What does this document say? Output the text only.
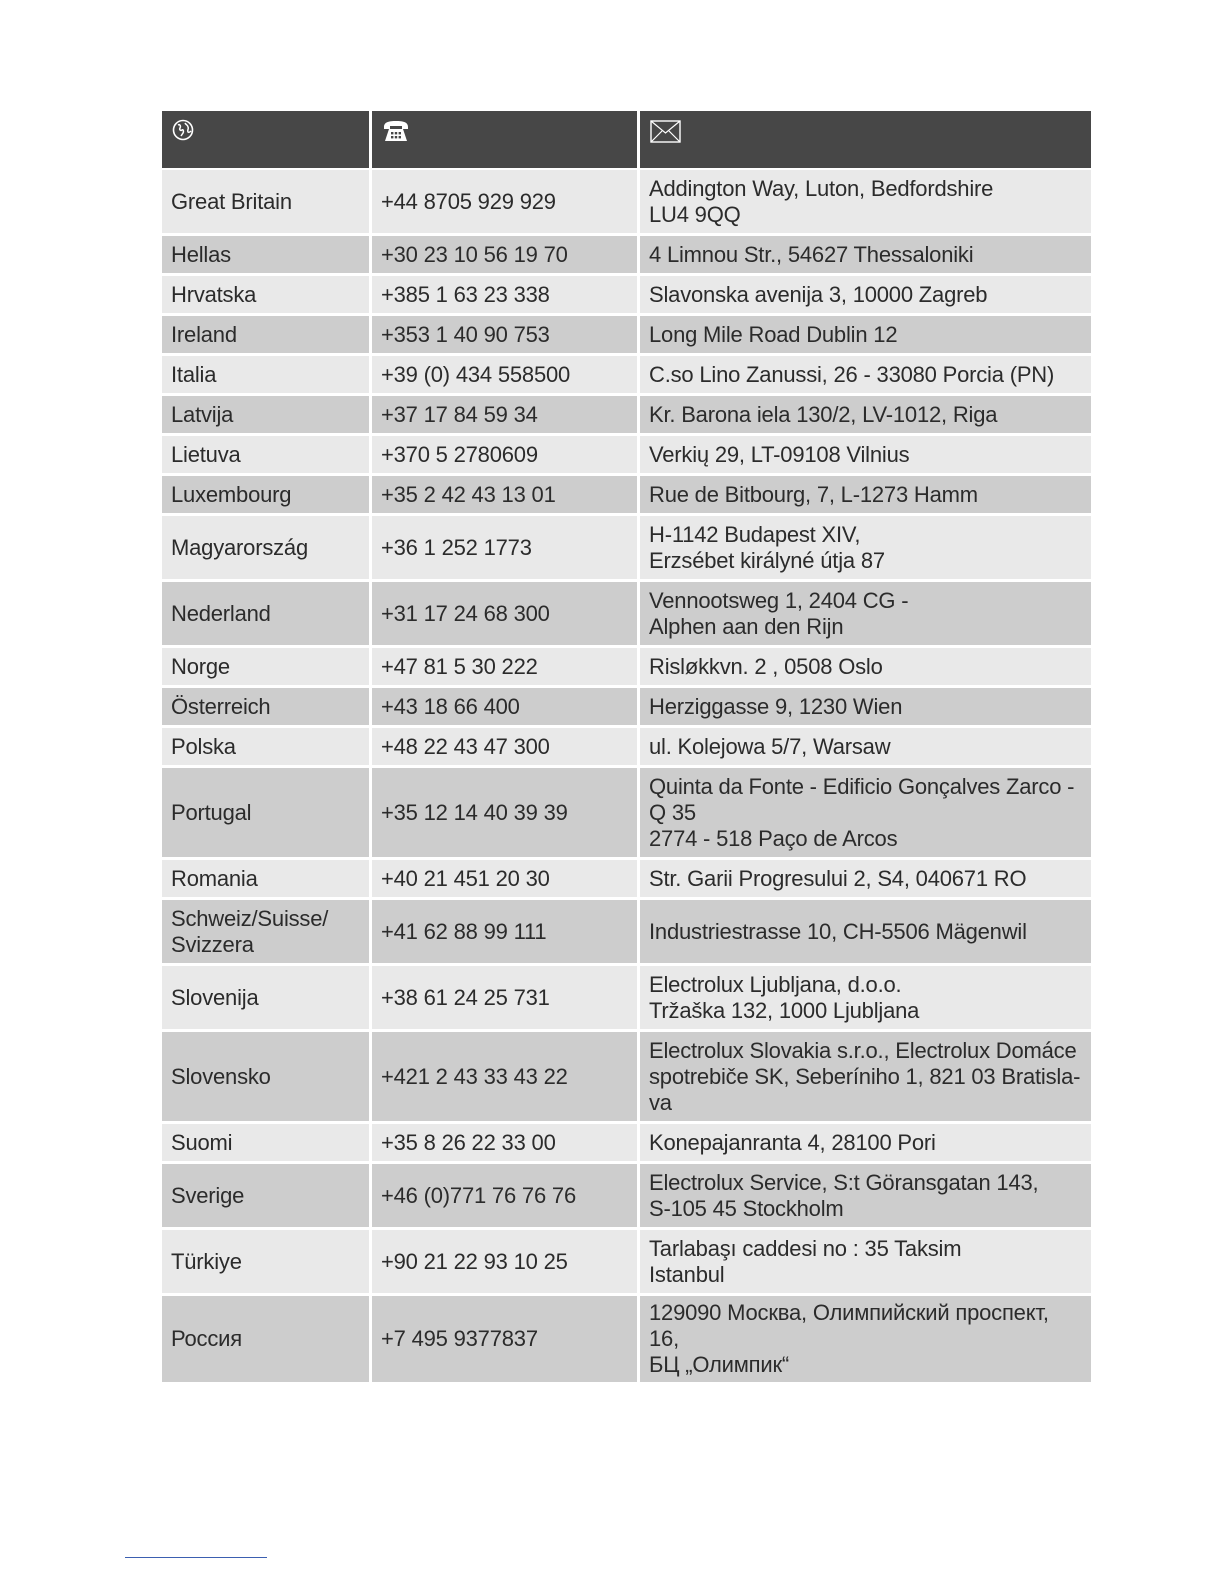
Great Britain	+44 8705 929 929	Addington Way, Luton, Bedfordshire
LU4 9QQ

Hellas	+30 23 10 56 19 70	4 Limnou Str., 54627 Thessaloniki

Hrvatska	+385 1 63 23 338	Slavonska avenija 3, 10000 Zagreb

Ireland	+353 1 40 90 753	Long Mile Road Dublin 12

Italia	+39 (0) 434 558500	C.so Lino Zanussi, 26 - 33080 Porcia (PN)

Latvija	+37 17 84 59 34	Kr. Barona iela 130/2, LV-1012, Riga

Lietuva	+370 5 2780609	Verkių 29, LT-09108 Vilnius

Luxembourg	+35 2 42 43 13 01	Rue de Bitbourg, 7, L-1273 Hamm

Magyarország	+36 1 252 1773	H-1142 Budapest XIV,
Erzsébet királyné útja 87

Nederland	+31 17 24 68 300	Vennootsweg 1, 2404 CG -
Alphen aan den Rijn

Norge	+47 81 5 30 222	Risløkkvn. 2 , 0508 Oslo

Österreich	+43 18 66 400	Herziggasse 9, 1230 Wien

Polska	+48 22 43 47 300	ul. Kolejowa 5/7, Warsaw

Portugal	+35 12 14 40 39 39	Quinta da Fonte - Edificio Gonçalves Zarco -
Q 35
2774 - 518 Paço de Arcos

Romania	+40 21 451 20 30	Str. Garii Progresului 2, S4, 040671 RO

Schweiz/Suisse/ Svizzera	+41 62 88 99 111	Industriestrasse 10, CH-5506 Mägenwil

Slovenija	+38 61 24 25 731	Electrolux Ljubljana, d.o.o.
Tržaška 132, 1000 Ljubljana

Slovensko	+421 2 43 33 43 22	Electrolux Slovakia s.r.o., Electrolux Domáce
spotrebiče SK, Seberíniho 1, 821 03 Bratisla-
va

Suomi	+35 8 26 22 33 00	Konepajanranta 4, 28100 Pori

Sverige	+46 (0)771 76 76 76	Electrolux Service, S:t Göransgatan 143,
S-105 45 Stockholm

Türkiye	+90 21 22 93 10 25	Tarlabaşı caddesi no : 35 Taksim
Istanbul

Россия	+7 495 9377837	129090 Москва, Олимпийский проспект, 16,
БЦ „Олимпик“
